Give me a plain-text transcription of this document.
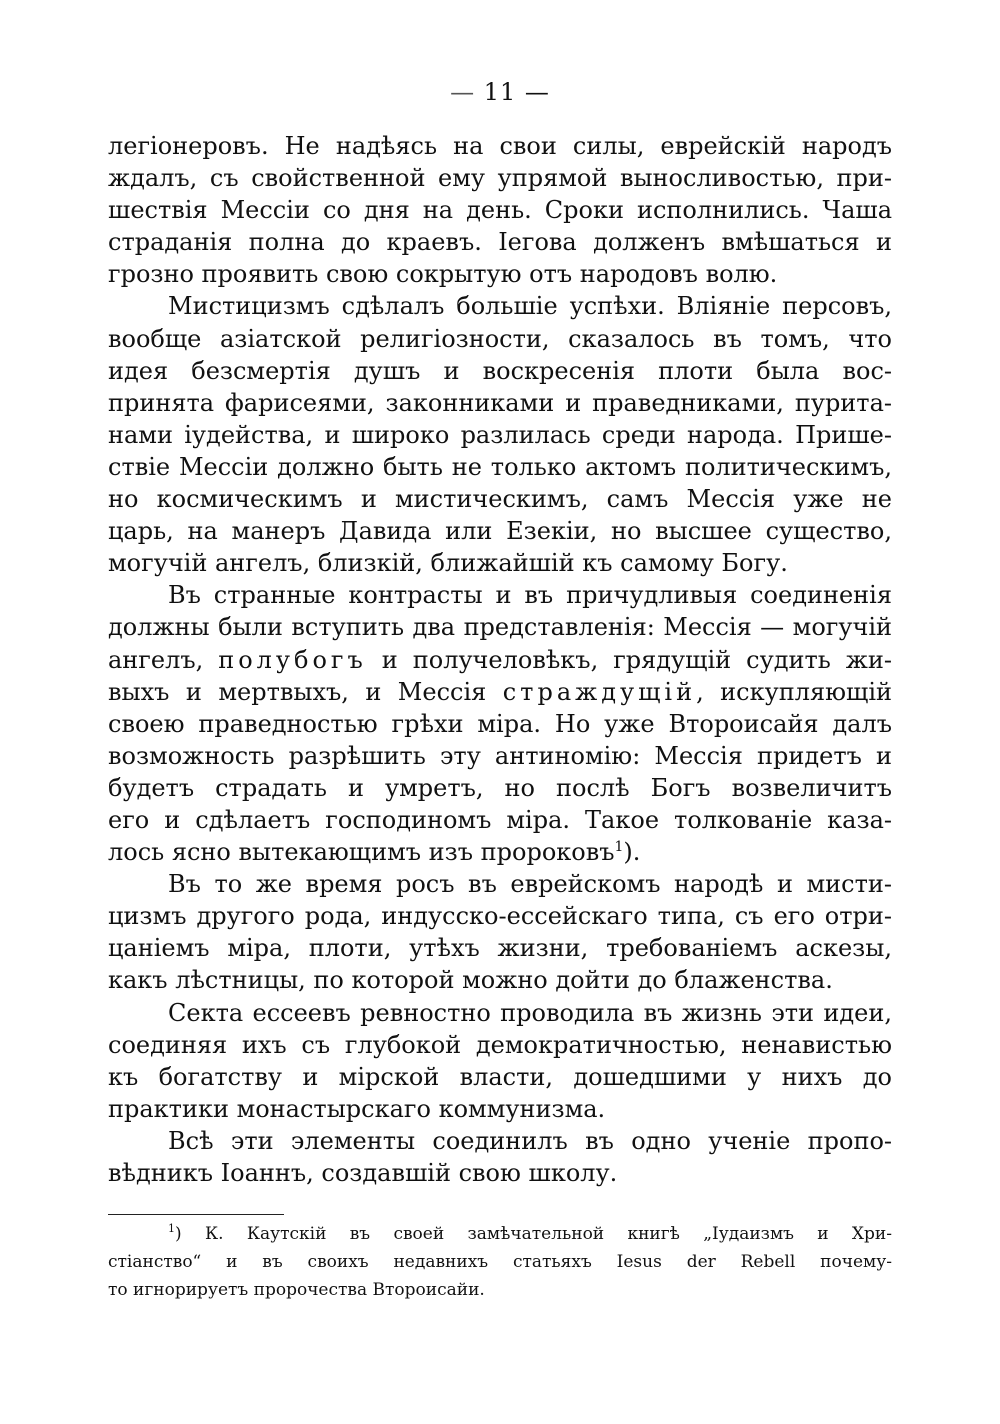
— 11 —
легіонеровъ. Не надѣясь на свои силы, еврейскій народъ
ждалъ, съ свойственной ему упрямой выносливостью, при-
шествія Мессіи со дня на день. Сроки исполнились. Чаша
страданія полна до краевъ. Іегова долженъ вмѣшаться и
грозно проявить свою сокрытую отъ народовъ волю.
Мистицизмъ сдѣлалъ большіе успѣхи. Вліяніе персовъ,
вообще азіатской религіозности, сказалось въ томъ, что
идея безсмертія душъ и воскресенія плоти была вос-
принята фарисеями, законниками и праведниками, пурита-
нами іудейства, и широко разлилась среди народа. Прише-
ствіе Мессіи должно быть не только актомъ политическимъ,
но космическимъ и мистическимъ, самъ Мессія уже не
царь, на манеръ Давида или Езекіи, но высшее существо,
могучій ангелъ, близкій, ближайшій къ самому Богу.
Въ странные контрасты и въ причудливыя соединенія
должны были вступить два представленія: Мессія — могучій
ангелъ, полубогъ и получеловѣкъ, грядущій судить жи-
выхъ и мертвыхъ, и Мессія страждущій, искупляющій
своею праведностью грѣхи міра. Но уже Второисайя далъ
возможность разрѣшить эту антиномію: Мессія придетъ и
будетъ страдать и умретъ, но послѣ Богъ возвеличитъ
его и сдѣлаетъ господиномъ міра. Такое толкованіе каза-
лось ясно вытекающимъ изъ пророковъ$^1$).
Въ то же время росъ въ еврейскомъ народѣ и мисти-
цизмъ другого рода, индусско-ессейскаго типа, съ его отри-
цаніемъ міра, плоти, утѣхъ жизни, требованіемъ аскезы,
какъ лѣстницы, по которой можно дойти до блаженства.
Секта ессеевъ ревностно проводила въ жизнь эти идеи,
соединяя ихъ съ глубокой демократичностью, ненавистью
къ богатству и мірской власти, дошедшими у нихъ до
практики монастырскаго коммунизма.
Всѣ эти элементы соединилъ въ одно ученіе пропо-
вѣдникъ Іоаннъ, создавшій свою школу.
$^1$) К. Каутскій въ своей замѣчательной книгѣ „Іудаизмъ и Хри-
стіанство“ и въ своихъ недавнихъ статьяхъ Iesus der Rebell почему-
то игнорируетъ пророчества Второисайи.
